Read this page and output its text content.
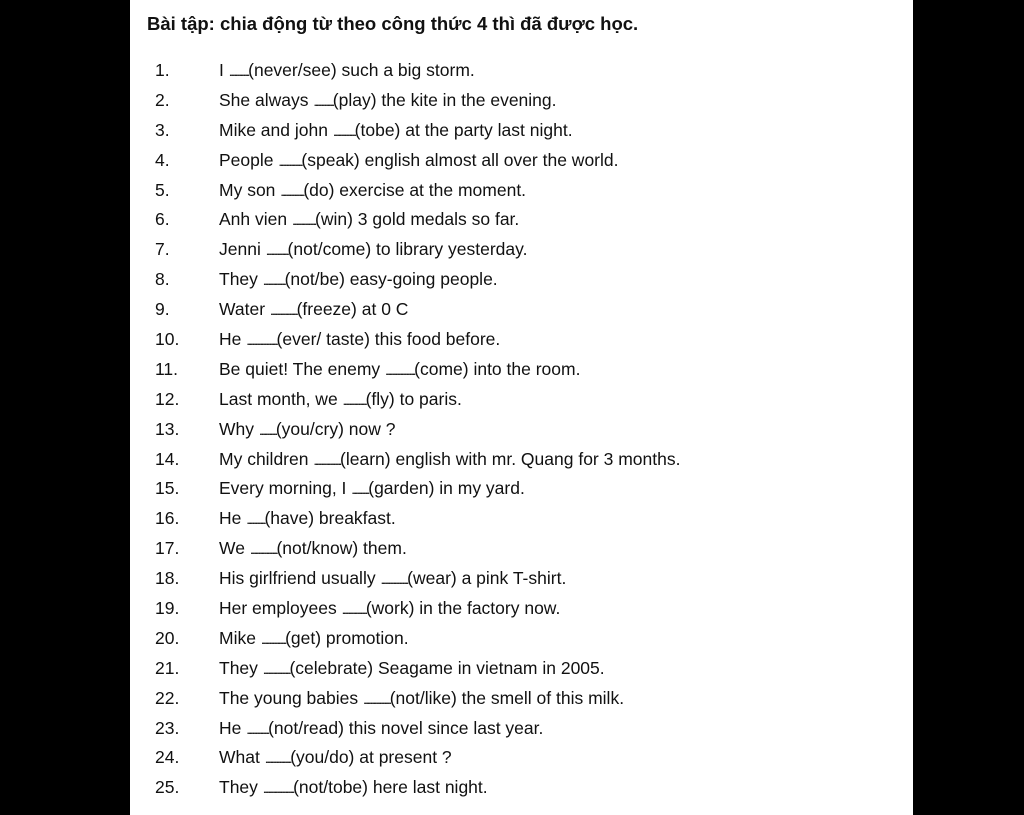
Bài tập: chia động từ theo công thức 4 thì đã được học.
1.	I ................(never/see) such a big storm.
2.	She always ................(play) the kite in the evening.
3.	Mike and john ..................(tobe) at the party last night.
4.	People ...................(speak) english almost all over the world.
5.	My son ...................(do) exercise at the moment.
6.	Anh vien ...................(win) 3 gold medals so far.
7.	Jenni ..................(not/come) to library yesterday.
8.	They ..................(not/be) easy-going people.
9.	Water ......................(freeze) at 0 C
10.	He .........................(ever/ taste) this food before.
11.	Be quiet! The enemy ........................(come) into the room.
12.	Last month, we ...................(fly) to paris.
13.	Why ..............(you/cry) now ?
14.	My children ......................(learn) english with mr. Quang for 3 months.
15.	Every morning, I ..............(garden) in my yard.
16.	He ...............(have) breakfast.
17.	We ......................(not/know) them.
18.	His girlfriend usually ......................(wear) a pink T-shirt.
19.	Her employees ....................(work) in the factory now.
20.	Mike ....................(get) promotion.
21.	They ......................(celebrate) Seagame in vietnam in 2005.
22.	The young babies ......................(not/like) the smell of this milk.
23.	He ..................(not/read) this novel since last year.
24.	What .....................(you/do) at present ?
25.	They .........................(not/tobe) here last night.
